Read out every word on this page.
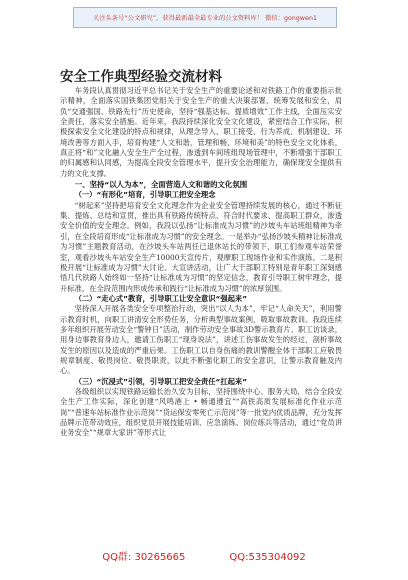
关注头条号“公文研究”，获得最新最全最专业的公文资料库！ 微信：gongwen1
安全工作典型经验交流材料

车务段认真贯彻习近平总书记关于安全生产的重要论述和对铁路工作的重要指示批示精神，全面落实国铁集团党组关于安全生产的重大决策部署，统筹发展和安全，肩负“交通强国、铁路先行”历史使命，坚持“强基达标、提质增效”工作主线，全面压实安全责任，落实安全措施。近年来，我段持续深化安全文化建设，紧密结合工作实际，积极探索安全文化建设的特点和规律，从理念导入、职工接受、行为养成、机制建设、环境改善等方面入手，培育构建“人文和谐，管理和畅，环境和美”的特色安全文化体系，真正将“和”文化融入安全生产全过程，渗透到车间班组现场管理中，不断增强干部职工的归属感和认同感，为提高全段安全管理水平，提升安全治理能力，确保现安全提供有力的文化支撑。

一、坚持“以人为本”，全面营造人文和谐的文化氛围

（一）“有形化”培育，引导职工把安全理念

“树起来”坚持把培育安全文化理念作为企业安全管理持续发展的核心，通过不断征集、提炼、总结和宣贯，推出具有铁路传统特点、符合时代要求、提高职工群众，渗透安全价值的安全理念。例如，我段以弘扬“让标准成为习惯”的沙坡头车站班组精神为牵引，在全段培育形成“让标准成为习惯”的安全理念。一是举办“弘扬沙坡头精神让标准成为习惯”主题教育活动，在沙坡头车站两任已退休站长的带领下，职工们参观车站荣誉室，观看沙坡头车站安全生产10000天宣传片，观摩职工现场作业和实作演练。二是积极开展“让标准成为习惯”大讨论、大宣讲活动，让广大干部职工特别是青年职工深刻感悟几代铁路人始终如一坚持“让标准成为习惯”的坚定信念，教育引导职工树牢理念，提升标准，在全段范围内形成传承和践行“让标准成为习惯”的浓厚氛围。

（二）“走心式”教育，引导职工让安全意识“强起来”

坚持深入开展各类安全专项整治行动，突出“以人为本”，牢记“人命关天”，利用警示教育时机，向职工讲清安全形势任务，分析典型事故案例，吸取事故教训。我段连续多年组织开展劳动安全“警钟日”活动，制作劳动安全事故3D警示教育片、职工访谈录，用身边事教育身边人，邀请工伤职工“现身说法”，讲述工伤事故发生的经过，剖析事故发生的原因以及造成的严重后果。工伤职工以自身伤痛的教训警醒全体干部职工应敬畏规章制度、敬畏岗位、敬畏职责，以此不断强化职工的安全意识，让警示教育触及内心。

（三）“沉浸式”引领，引导职工把安全责任“扛起来”

各级组织以实现铁路运输长治久安为目标，坚持围绕中心、服务大局，结合全段安全生产工作实际，深化创建“风鸣港上 • 畅通遵宜”“高铁高质发展标准化作业示范岗”“普速车站标准作业示范岗”“货运保安零死亡示范岗”等一批党内优质品牌，充分发挥品牌示范带动效应，组织党员开展技能培训、应急演练、岗位练兵等活动，通过“党员讲业务安全”“规章大家讲”等形式让

QQ群: 30265665	QQ:535304092
